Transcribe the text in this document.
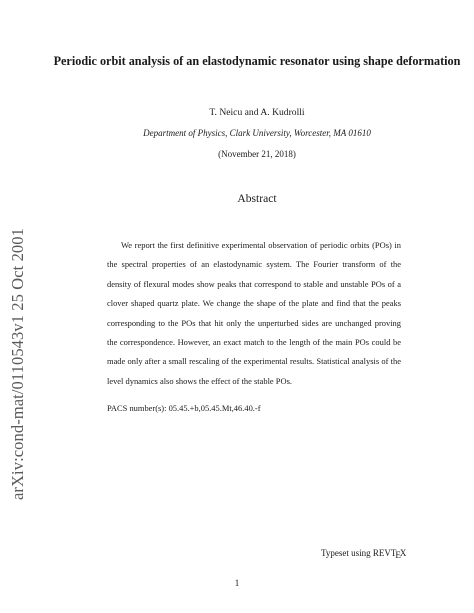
arXiv:cond-mat/0110543v1 25 Oct 2001
Periodic orbit analysis of an elastodynamic resonator using shape deformation
T. Neicu and A. Kudrolli
Department of Physics, Clark University, Worcester, MA 01610
(November 21, 2018)
Abstract
We report the first definitive experimental observation of periodic orbits (POs) in the spectral properties of an elastodynamic system. The Fourier transform of the density of flexural modes show peaks that correspond to stable and unstable POs of a clover shaped quartz plate. We change the shape of the plate and find that the peaks corresponding to the POs that hit only the unperturbed sides are unchanged proving the correspondence. However, an exact match to the length of the main POs could be made only after a small rescaling of the experimental results. Statistical analysis of the level dynamics also shows the effect of the stable POs.
PACS number(s): 05.45.+b,05.45.Mt,46.40.-f
Typeset using REVTEX
1
